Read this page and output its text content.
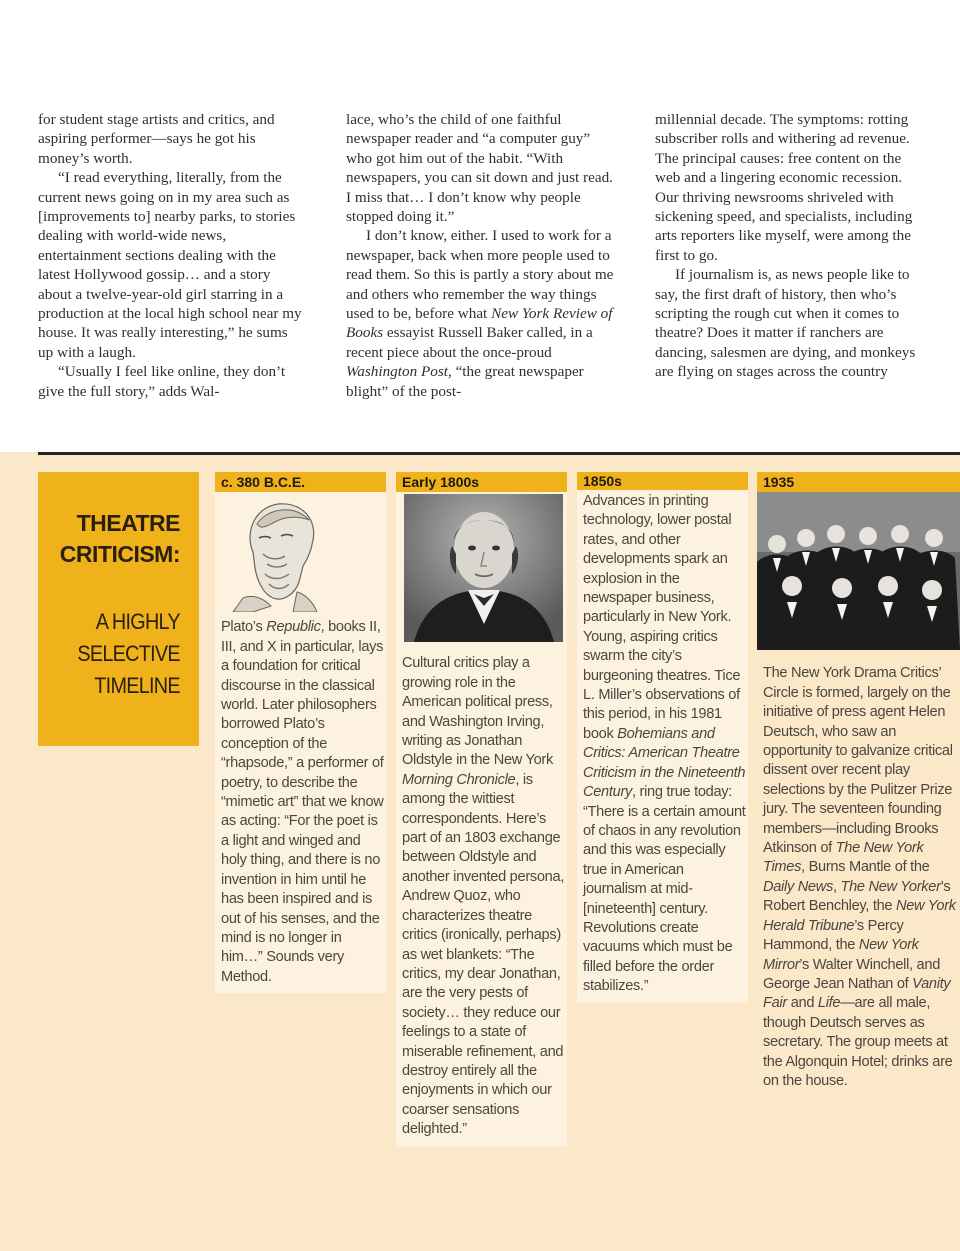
for student stage artists and critics, and aspiring performer—says he got his money’s worth.

“I read everything, literally, from the current news going on in my area such as [improvements to] nearby parks, to stories dealing with world-wide news, entertainment sections dealing with the latest Hollywood gossip… and a story about a twelve-year-old girl starring in a production at the local high school near my house. It was really interesting,” he sums up with a laugh.

“Usually I feel like online, they don’t give the full story,” adds Wal-

lace, who’s the child of one faithful newspaper reader and “a computer guy” who got him out of the habit. “With newspapers, you can sit down and just read. I miss that… I don’t know why people stopped doing it.”

I don’t know, either. I used to work for a newspaper, back when more people used to read them. So this is partly a story about me and others who remember the way things used to be, before what New York Review of Books essayist Russell Baker called, in a recent piece about the once-proud Washington Post, “the great newspaper blight” of the post-

millennial decade. The symptoms: rotting subscriber rolls and withering ad revenue. The principal causes: free content on the web and a lingering economic recession. Our thriving newsrooms shriveled with sickening speed, and specialists, including arts reporters like myself, were among the first to go.

If journalism is, as news people like to say, the first draft of history, then who’s scripting the rough cut when it comes to theatre? Does it matter if ranchers are dancing, salesmen are dying, and monkeys are flying on stages across the country

THEATRE
CRITICISM:
A HIGHLY
SELECTIVE
TIMELINE
c. 380 B.C.E.
Plato’s Republic, books II, III, and X in particular, lays a foundation for critical discourse in the classical world. Later philosophers borrowed Plato’s conception of the “rhapsode,” a performer of poetry, to describe the “mimetic art” that we know as acting: “For the poet is a light and winged and holy thing, and there is no invention in him until he has been inspired and is out of his senses, and the mind is no longer in him…” Sounds very Method.
Early 1800s
Cultural critics play a growing role in the American political press, and Washington Irving, writing as Jonathan Oldstyle in the New York Morning Chronicle, is among the wittiest correspondents. Here’s part of an 1803 exchange between Oldstyle and another invented persona, Andrew Quoz, who characterizes theatre critics (ironically, perhaps) as wet blankets: “The critics, my dear Jonathan, are the very pests of society… they reduce our feelings to a state of miserable refinement, and destroy entirely all the enjoyments in which our coarser sensations delighted.”
1850s
Advances in printing technology, lower postal rates, and other developments spark an explosion in the newspaper business, particularly in New York. Young, aspiring critics swarm the city’s burgeoning theatres. Tice L. Miller’s observations of this period, in his 1981 book Bohemians and Critics: American Theatre Criticism in the Nineteenth Century, ring true today: “There is a certain amount of chaos in any revolution and this was especially true in American journalism at mid-[nineteenth] century. Revolutions create vacuums which must be filled before the order stabilizes.”
1935
The New York Drama Critics’ Circle is formed, largely on the initiative of press agent Helen Deutsch, who saw an opportunity to galvanize critical dissent over recent play selections by the Pulitzer Prize jury. The seventeen founding members—including Brooks Atkinson of The New York Times, Burns Mantle of the Daily News, The New Yorker’s Robert Benchley, the New York Herald Tribune’s Percy Hammond, the New York Mirror’s Walter Winchell, and George Jean Nathan of Vanity Fair and Life—are all male, though Deutsch serves as secretary. The group meets at the Algonquin Hotel; drinks are on the house.
